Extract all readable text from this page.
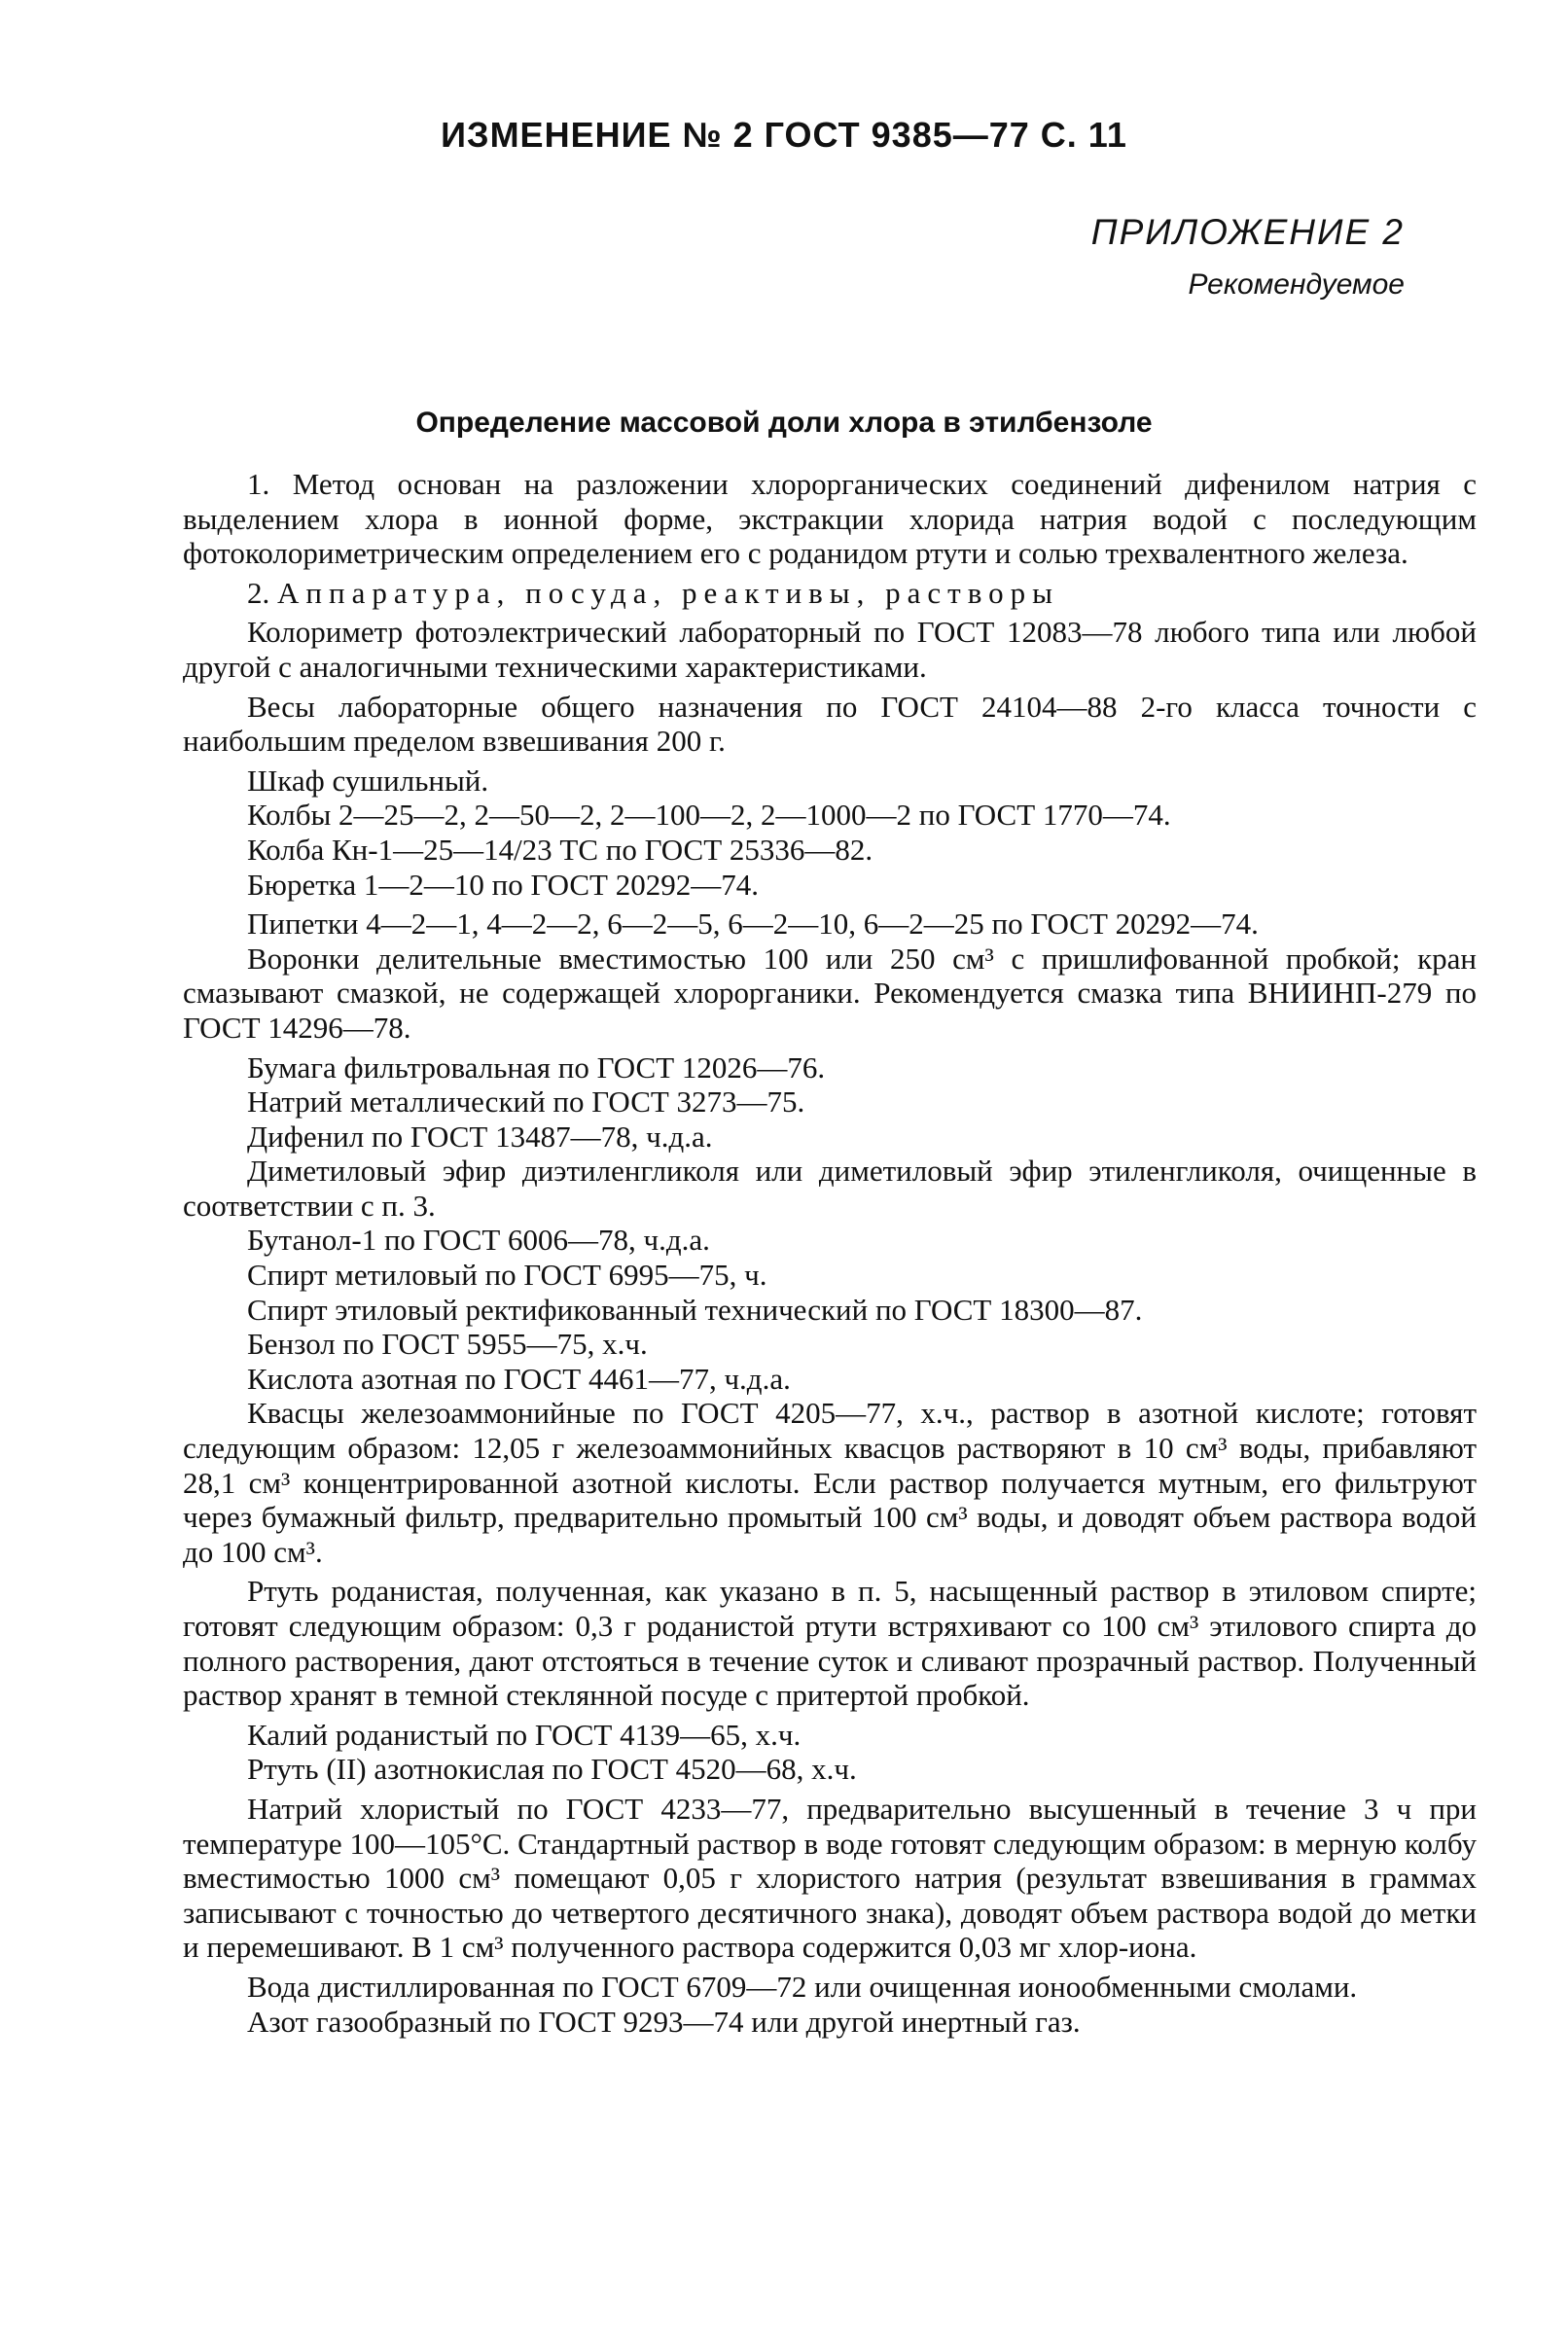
ИЗМЕНЕНИЕ № 2 ГОСТ 9385—77 С. 11
ПРИЛОЖЕНИЕ 2
Рекомендуемое
Определение массовой доли хлора в этилбензоле

1. Метод основан на разложении хлорорганических соединений дифенилом натрия с выделением хлора в ионной форме, экстракции хлорида натрия водой с последующим фотоколориметрическим определением его с роданидом ртути и солью трехвалентного железа.

2. Аппаратура, посуда, реактивы, растворы

Колориметр фотоэлектрический лабораторный по ГОСТ 12083—78 любого типа или любой другой с аналогичными техническими характеристиками.

Весы лабораторные общего назначения по ГОСТ 24104—88 2-го класса точности с наибольшим пределом взвешивания 200 г.

Шкаф сушильный.

Колбы 2—25—2, 2—50—2, 2—100—2, 2—1000—2 по ГОСТ 1770—74.

Колба Кн-1—25—14/23 ТС по ГОСТ 25336—82.

Бюретка 1—2—10 по ГОСТ 20292—74.

Пипетки 4—2—1, 4—2—2, 6—2—5, 6—2—10, 6—2—25 по ГОСТ 20292—74.

Воронки делительные вместимостью 100 или 250 см³ с пришлифованной пробкой; кран смазывают смазкой, не содержащей хлорорганики. Рекомендуется смазка типа ВНИИНП-279 по ГОСТ 14296—78.

Бумага фильтровальная по ГОСТ 12026—76.

Натрий металлический по ГОСТ 3273—75.

Дифенил по ГОСТ 13487—78, ч.д.а.

Диметиловый эфир диэтиленгликоля или диметиловый эфир этиленгликоля, очищенные в соответствии с п. 3.

Бутанол-1 по ГОСТ 6006—78, ч.д.а.

Спирт метиловый по ГОСТ 6995—75, ч.

Спирт этиловый ректификованный технический по ГОСТ 18300—87.

Бензол по ГОСТ 5955—75, х.ч.

Кислота азотная по ГОСТ 4461—77, ч.д.а.

Квасцы железоаммонийные по ГОСТ 4205—77, х.ч., раствор в азотной кислоте; готовят следующим образом: 12,05 г железоаммонийных квасцов растворяют в 10 см³ воды, прибавляют 28,1 см³ концентрированной азотной кислоты. Если раствор получается мутным, его фильтруют через бумажный фильтр, предварительно промытый 100 см³ воды, и доводят объем раствора водой до 100 см³.

Ртуть роданистая, полученная, как указано в п. 5, насыщенный раствор в этиловом спирте; готовят следующим образом: 0,3 г роданистой ртути встряхивают со 100 см³ этилового спирта до полного растворения, дают отстояться в течение суток и сливают прозрачный раствор. Полученный раствор хранят в темной стеклянной посуде с притертой пробкой.

Калий роданистый по ГОСТ 4139—65, х.ч.

Ртуть (II) азотнокислая по ГОСТ 4520—68, х.ч.

Натрий хлористый по ГОСТ 4233—77, предварительно высушенный в течение 3 ч при температуре 100—105°С. Стандартный раствор в воде готовят следующим образом: в мерную колбу вместимостью 1000 см³ помещают 0,05 г хлористого натрия (результат взвешивания в граммах записывают с точностью до четвертого десятичного знака), доводят объем раствора водой до метки и перемешивают. В 1 см³ полученного раствора содержится 0,03 мг хлор-иона.

Вода дистиллированная по ГОСТ 6709—72 или очищенная ионообменными смолами.

Азот газообразный по ГОСТ 9293—74 или другой инертный газ.
